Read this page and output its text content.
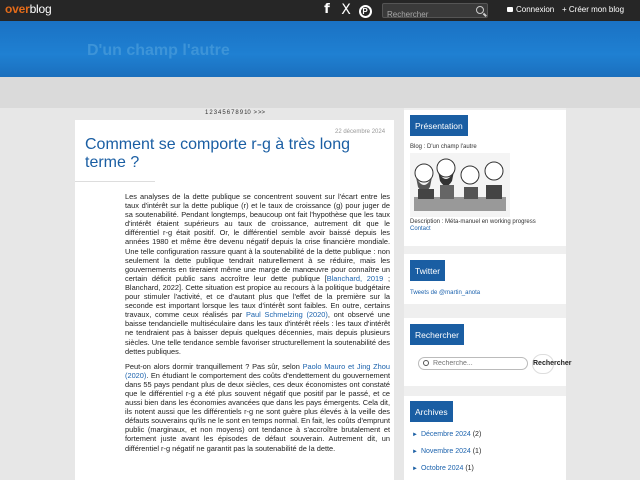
overblog	f X	P
Rechercher	Connexion + Créer mon blog
D'un champ l'autre
12345678910 >>>
22 décembre 2024
Comment se comporte r-g à très long terme ?

Les analyses de la dette publique se concentrent souvent sur l'écart entre les taux d'intérêt sur la dette publique (r) et le taux de croissance (g) pour juger de sa soutenabilité. Pendant longtemps, beaucoup ont fait l'hypothèse que les taux d'intérêt étaient supérieurs au taux de croissance, autrement dit que le différentiel r-g était positif. Or, le différentiel semble avoir baissé depuis les années 1980 et même être devenu négatif depuis la crise financière mondiale. Une telle configuration rassure quant à la soutenabilité de la dette publique : non seulement la dette publique tendrait naturellement à se réduire, mais les gouvernements en tireraient même une marge de manœuvre pour connaître un certain déficit public sans accroître leur dette publique [Blanchard, 2019 ; Blanchard, 2022]. Cette situation est propice au recours à la politique budgétaire pour stimuler l'activité, et ce d'autant plus que l'effet de la première sur la seconde est important lorsque les taux d'intérêt sont faibles. En outre, certains travaux, comme ceux réalisés par Paul Schmelzing (2020), ont observé une baisse tendancielle multiséculaire dans les taux d'intérêt réels : les taux d'intérêt ne tendraient pas à baisser depuis quelques décennies, mais depuis plusieurs siècles. Une telle tendance semble favoriser structurellement la soutenabilité des dettes publiques.

Peut-on alors dormir tranquillement ? Pas sûr, selon Paolo Mauro et Jing Zhou (2020). En étudiant le comportement des coûts d'endettement du gouvernement dans 55 pays pendant plus de deux siècles, ces deux économistes ont constaté que le différentiel r-g a été plus souvent négatif que positif par le passé, et ce aussi bien dans les économies avancées que dans les pays émergents. Cela dit, ils notent aussi que les différentiels r-g ne sont guère plus élevés à la veille des défauts souverains qu'ils ne le sont en temps normal. En fait, les coûts d'emprunt public (marginaux, et non moyens) ont tendance à s'accroître brutalement et fortement juste avant les épisodes de défaut souverain. Autrement dit, un différentiel r-g négatif ne garantit pas la soutenabilité de la dette.

Présentation
Blog : D'un champ l'autre
Description : Méta-manuel en working progress
Contact
Twitter
Tweets de @martin_anota
Rechercher
Recherche...
Rechercher
Archives
► Décembre 2024 (2)
► Novembre 2024 (1)
► Octobre 2024 (1)
